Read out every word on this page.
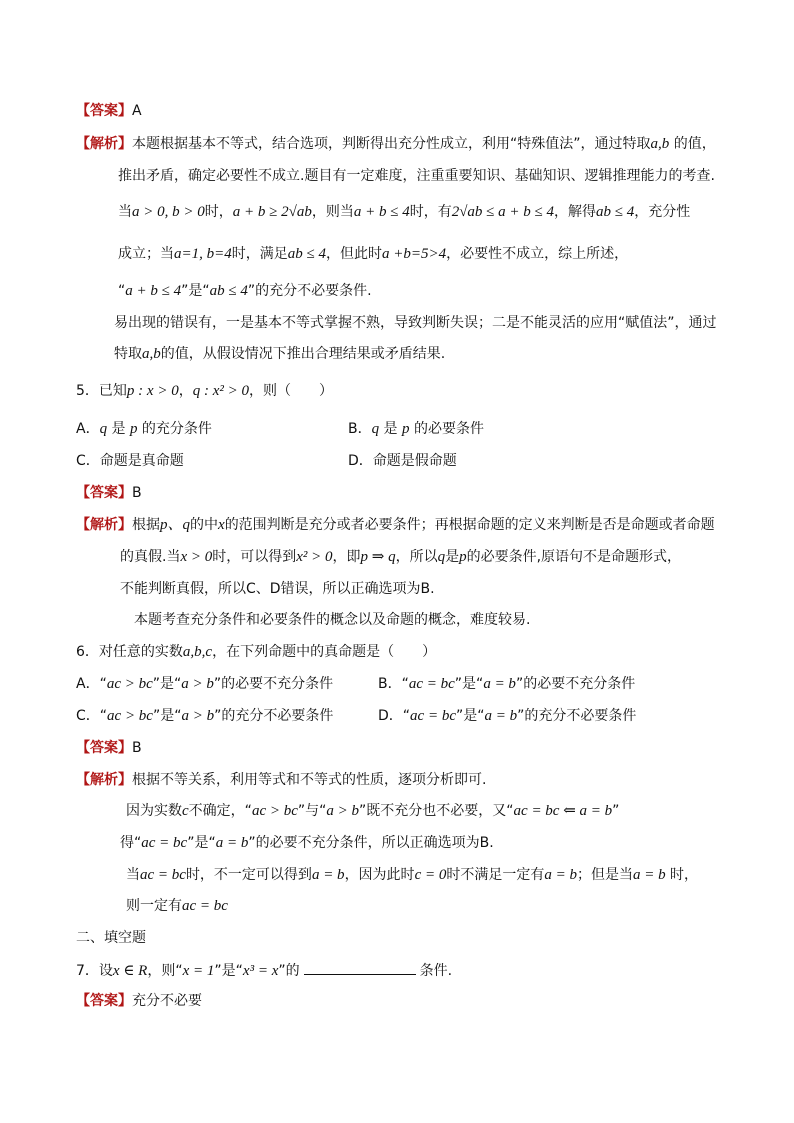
【答案】A
【解析】本题根据基本不等式，结合选项，判断得出充分性成立，利用“特殊值法”，通过特取a,b 的值，
推出矛盾，确定必要性不成立.题目有一定难度，注重重要知识、基础知识、逻辑推理能力的考查.
当a > 0, b > 0时，a + b ≥ 2√ab，则当a + b ≤ 4时，有2√ab ≤ a + b ≤ 4，解得ab ≤ 4，充分性
成立；当a=1, b=4时，满足ab ≤ 4，但此时a +b=5>4，必要性不成立，综上所述，
“a + b ≤ 4”是“ab ≤ 4”的充分不必要条件.
易出现的错误有，一是基本不等式掌握不熟，导致判断失误；二是不能灵活的应用“赋值法”，通过
特取a,b的值，从假设情况下推出合理结果或矛盾结果.
5．已知p : x > 0，q : x² > 0，则（　　）
A．q 是 p 的充分条件	B．q 是 p 的必要条件
C．命题是真命题	D．命题是假命题
【答案】B
【解析】根据p、q的中x的范围判断是充分或者必要条件；再根据命题的定义来判断是否是命题或者命题
的真假.当x > 0时，可以得到x² > 0，即p ⇒ q，所以q是p的必要条件,原语句不是命题形式，
不能判断真假，所以C、D错误，所以正确选项为B.
本题考查充分条件和必要条件的概念以及命题的概念，难度较易.
6．对任意的实数a,b,c，在下列命题中的真命题是（　　）
A．“ac > bc”是“a > b”的必要不充分条件	B．“ac = bc”是“a = b”的必要不充分条件
C．“ac > bc”是“a > b”的充分不必要条件	D．“ac = bc”是“a = b”的充分不必要条件
【答案】B
【解析】根据不等关系，利用等式和不等式的性质，逐项分析即可.
因为实数c不确定，“ac > bc”与“a > b”既不充分也不必要，又“ac = bc ⇐ a = b”
得“ac = bc”是“a = b”的必要不充分条件，所以正确选项为B.
当ac = bc时，不一定可以得到a = b，因为此时c = 0时不满足一定有a = b；但是当a = b 时，
则一定有ac = bc
二、填空题
7．设x ∈ R，则“x = 1”是“x³ = x”的	条件.
【答案】充分不必要
